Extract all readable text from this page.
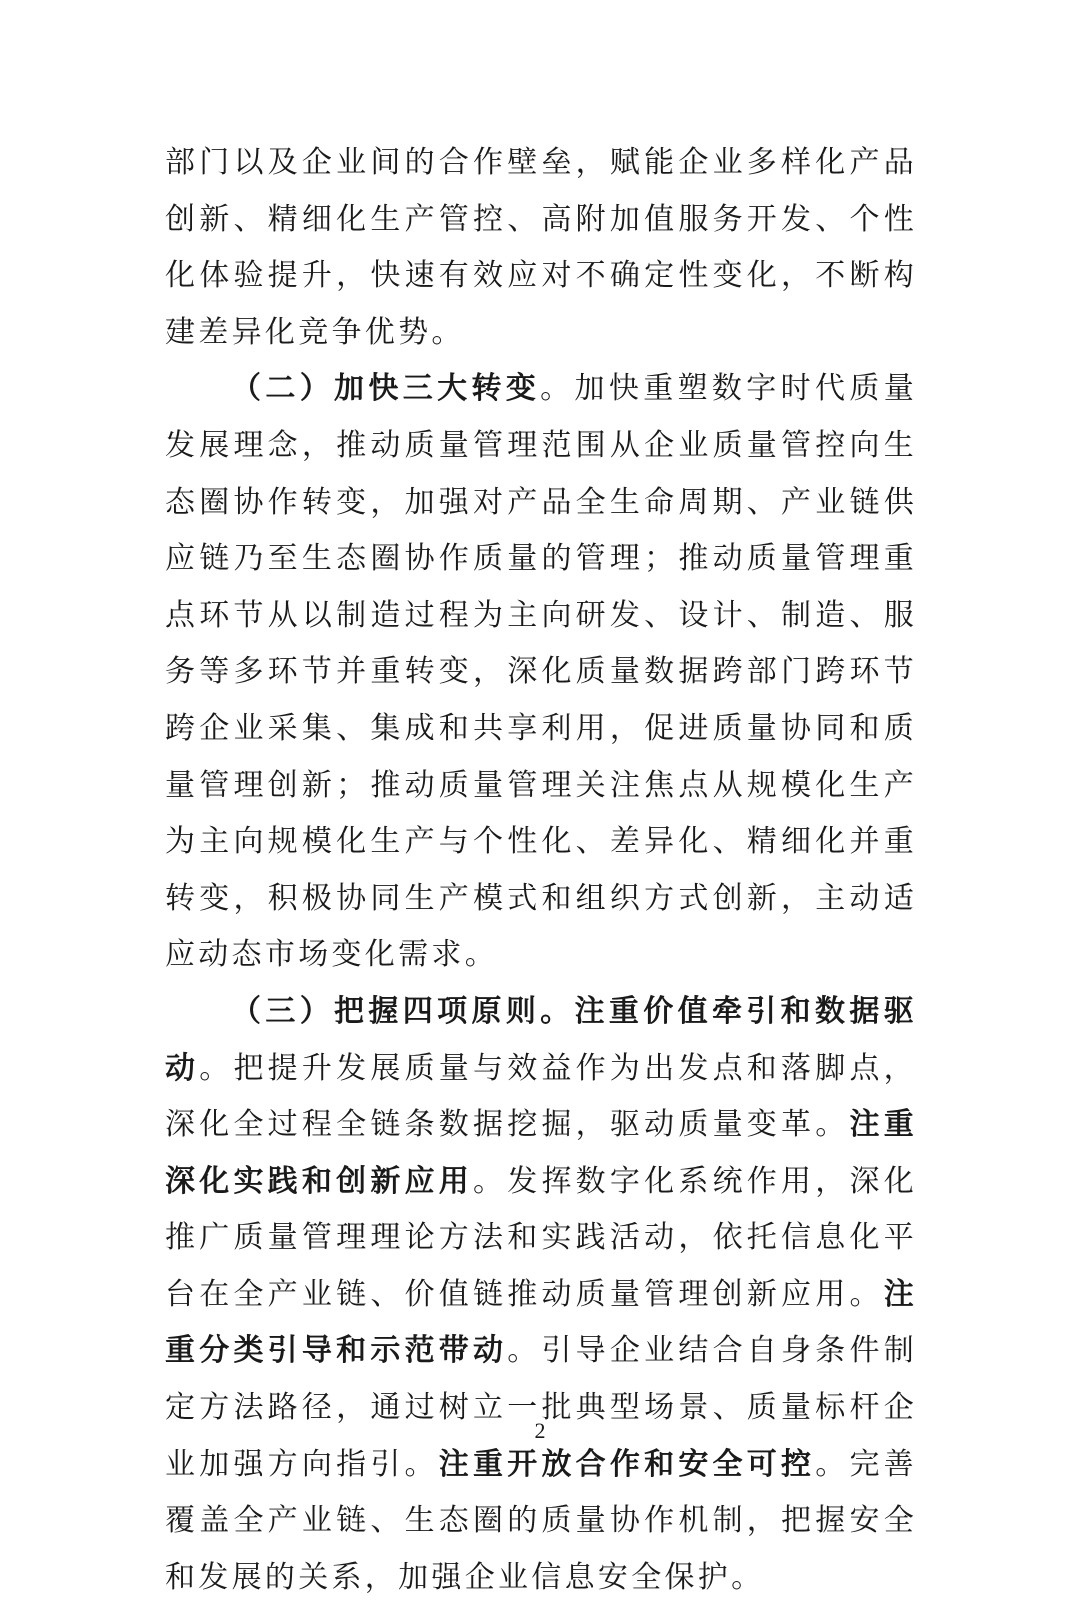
部门以及企业间的合作壁垒，赋能企业多样化产品创新、精细化生产管控、高附加值服务开发、个性化体验提升，快速有效应对不确定性变化，不断构建差异化竞争优势。

（二）加快三大转变。加快重塑数字时代质量发展理念，推动质量管理范围从企业质量管控向生态圈协作转变，加强对产品全生命周期、产业链供应链乃至生态圈协作质量的管理；推动质量管理重点环节从以制造过程为主向研发、设计、制造、服务等多环节并重转变，深化质量数据跨部门跨环节跨企业采集、集成和共享利用，促进质量协同和质量管理创新；推动质量管理关注焦点从规模化生产为主向规模化生产与个性化、差异化、精细化并重转变，积极协同生产模式和组织方式创新，主动适应动态市场变化需求。

（三）把握四项原则。注重价值牵引和数据驱动。把提升发展质量与效益作为出发点和落脚点，深化全过程全链条数据挖掘，驱动质量变革。注重深化实践和创新应用。发挥数字化系统作用，深化推广质量管理理论方法和实践活动，依托信息化平台在全产业链、价值链推动质量管理创新应用。注重分类引导和示范带动。引导企业结合自身条件制定方法路径，通过树立一批典型场景、质量标杆企业加强方向指引。注重开放合作和安全可控。完善覆盖全产业链、生态圈的质量协作机制，把握安全和发展的关系，加强企业信息安全保护。

2
